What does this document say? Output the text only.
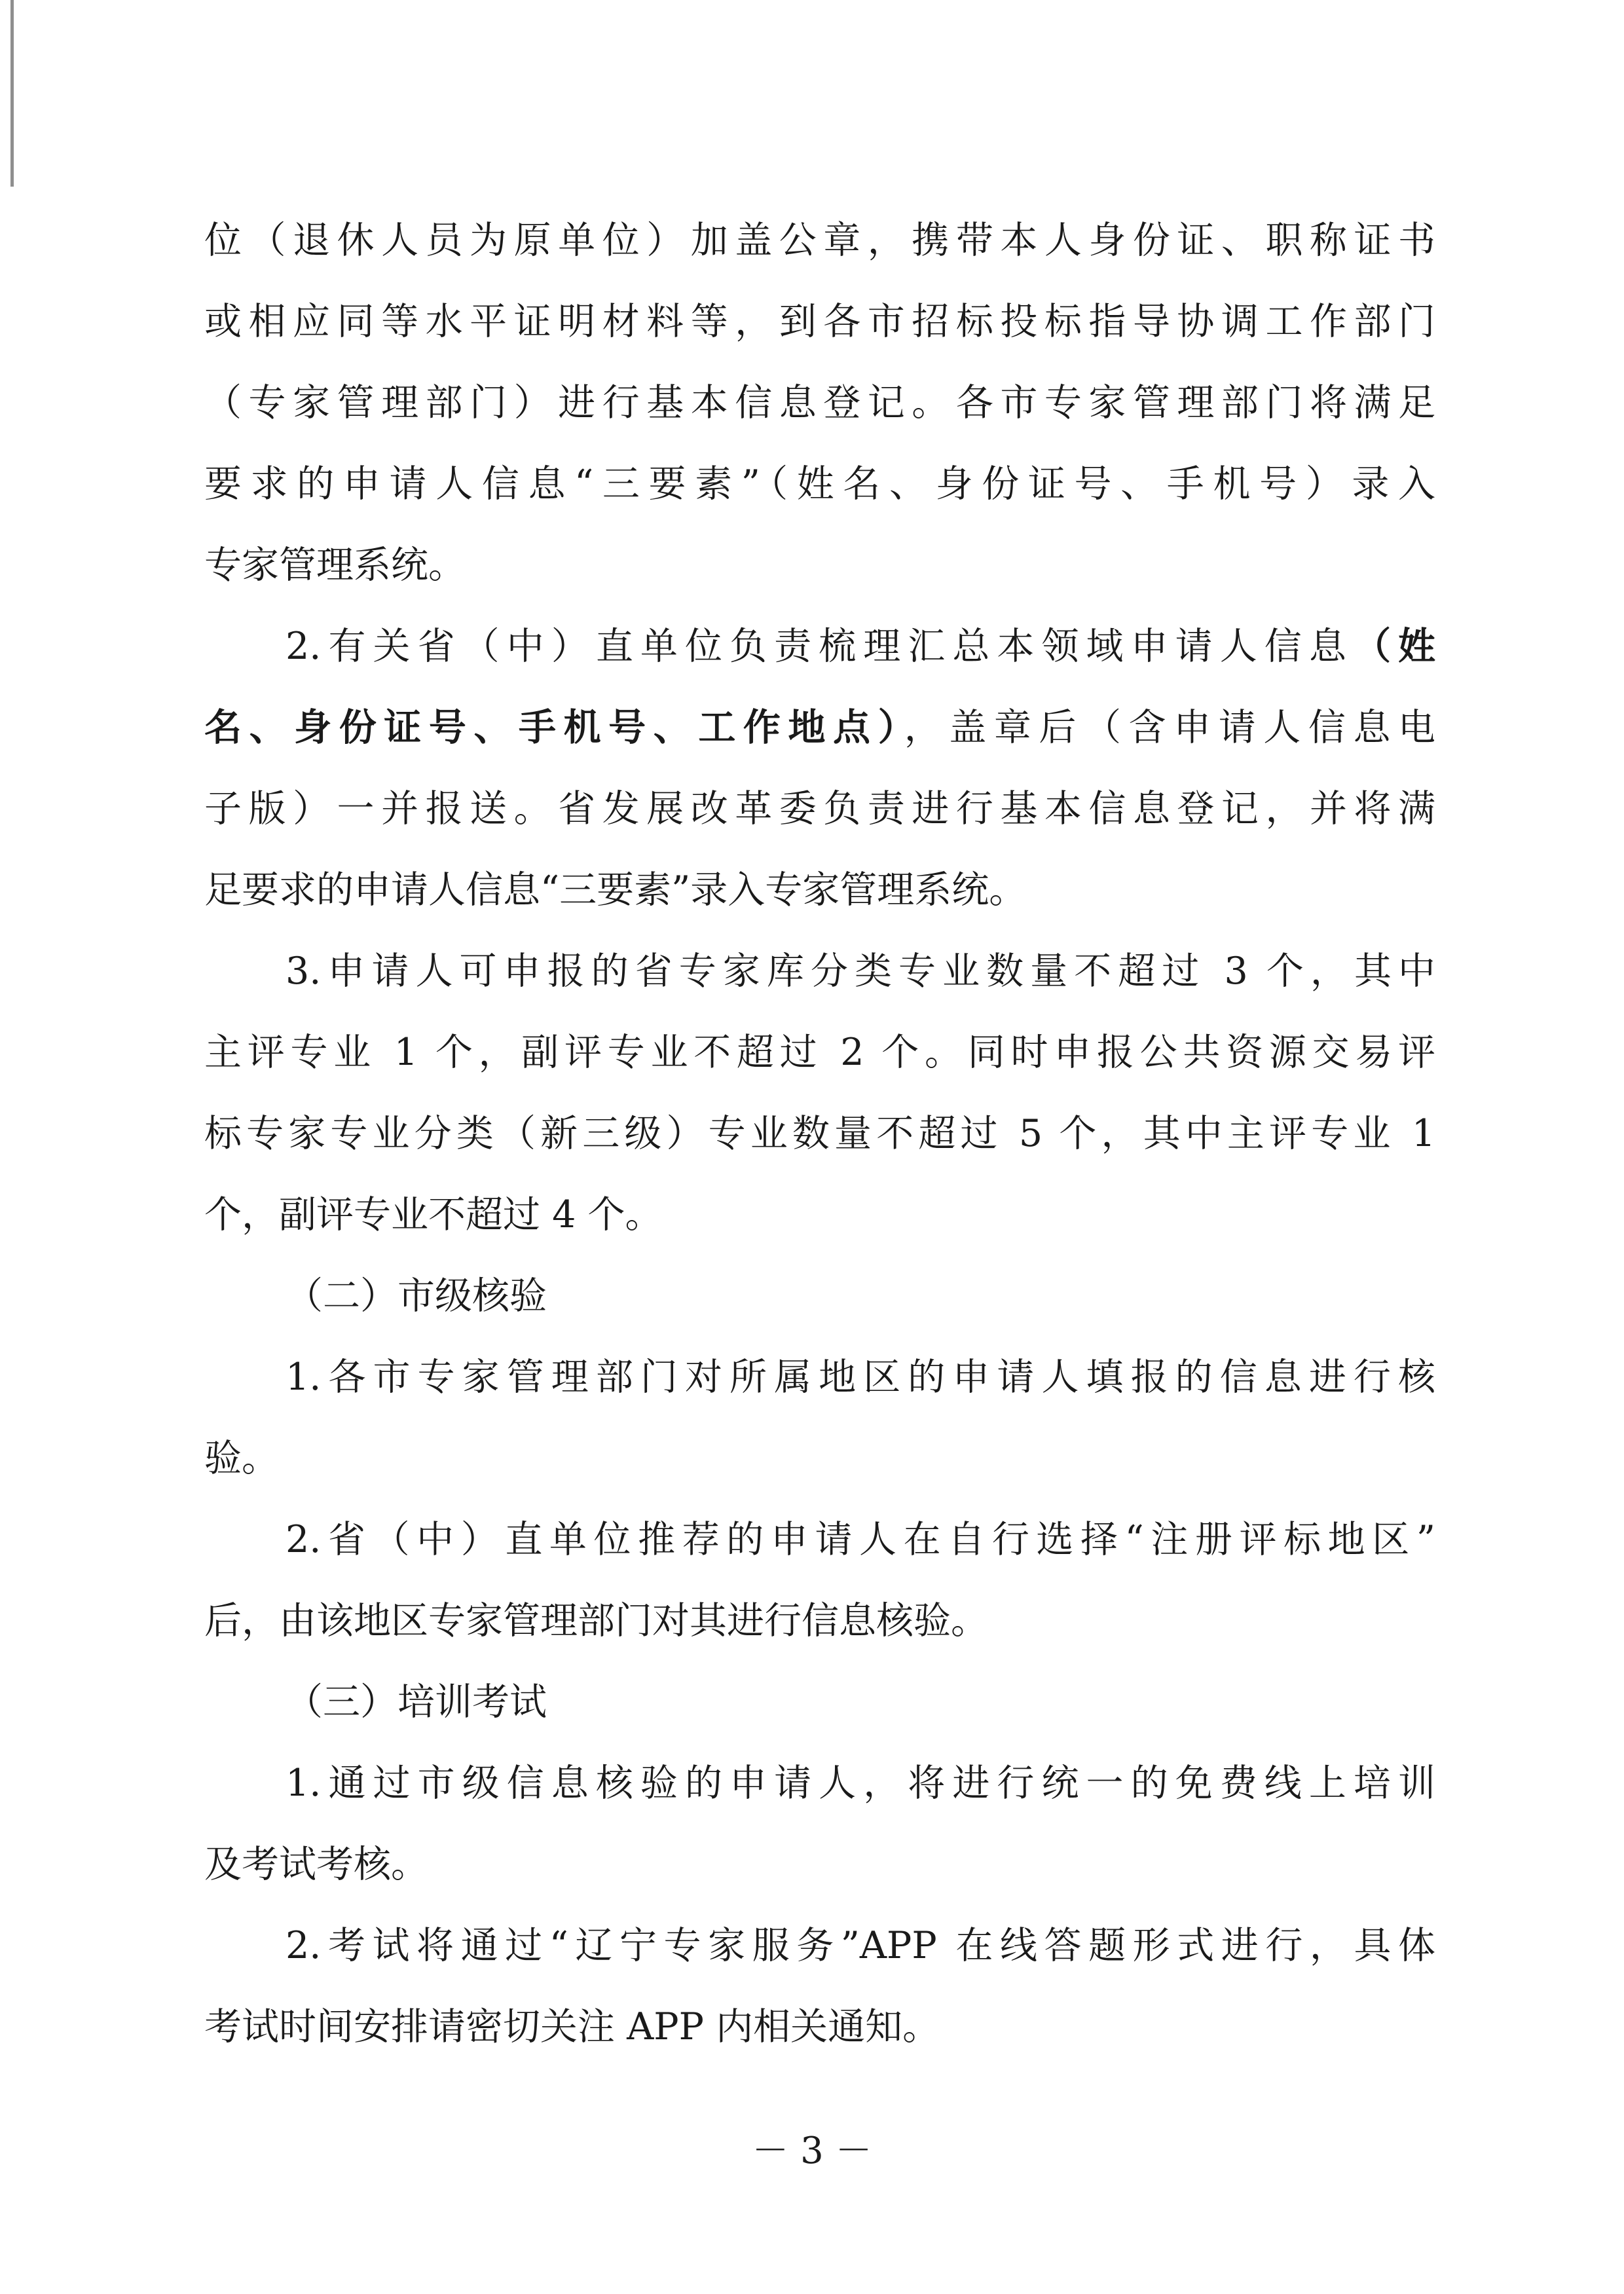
位（退休人员为原单位）加盖公章，携带本人身份证、职称证书
或相应同等水平证明材料等，到各市招标投标指导协调工作部门
（专家管理部门）进行基本信息登记。各市专家管理部门将满足
要求的申请人信息“三要素”（姓名、身份证号、手机号）录入
专家管理系统。
2.有关省（中）直单位负责梳理汇总本领域申请人信息（姓
名、身份证号、手机号、工作地点），盖章后（含申请人信息电
子版）一并报送。省发展改革委负责进行基本信息登记，并将满
足要求的申请人信息“三要素”录入专家管理系统。
3.申请人可申报的省专家库分类专业数量不超过 3 个，其中
主评专业 1 个，副评专业不超过 2 个。同时申报公共资源交易评
标专家专业分类（新三级）专业数量不超过 5 个，其中主评专业 1
个，副评专业不超过 4 个。
（二）市级核验
1.各市专家管理部门对所属地区的申请人填报的信息进行核
验。
2.省（中）直单位推荐的申请人在自行选择“注册评标地区”
后，由该地区专家管理部门对其进行信息核验。
（三）培训考试
1.通过市级信息核验的申请人，将进行统一的免费线上培训
及考试考核。
2.考试将通过“辽宁专家服务”APP 在线答题形式进行，具体
考试时间安排请密切关注 APP 内相关通知。
－ 3 －
